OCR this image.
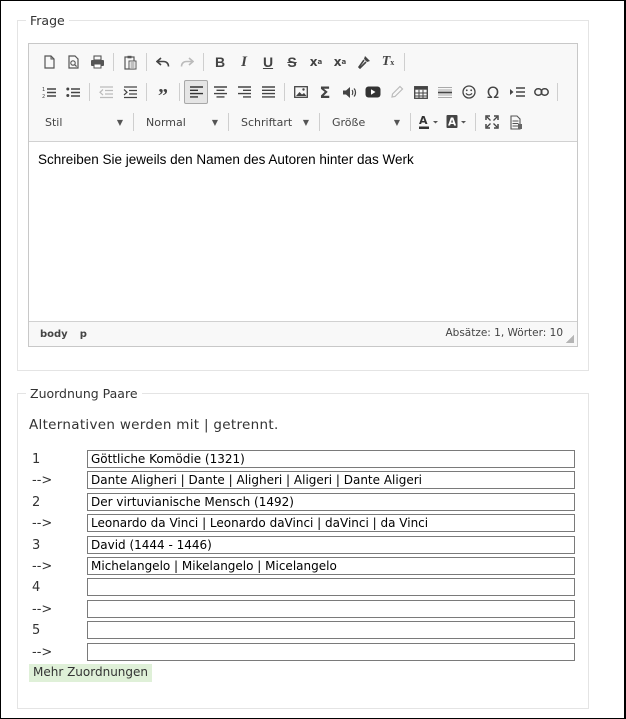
Frage
B	I	U	S	x a x a	T x
1
2	”	Σ	Ω
Stil	▼ Normal	▼ Schriftart ▼ Größe	▼ A A
Schreiben Sie jeweils den Namen des Autoren hinter das Werk
body p	Absätze: 1, Wörter: 10
Zuordnung Paare
Alternativen werden mit | getrennt.
1	Göttliche Komödie (1321)
-->	Dante Aligheri | Dante | Aligheri | Aligeri | Dante Aligeri
2	Der virtuvianische Mensch (1492)
-->	Leonardo da Vinci | Leonardo daVinci | daVinci | da Vinci
3	David (1444 - 1446)
-->	Michelangelo | Mikelangelo | Micelangelo
4
-->
5
-->
Mehr Zuordnungen
